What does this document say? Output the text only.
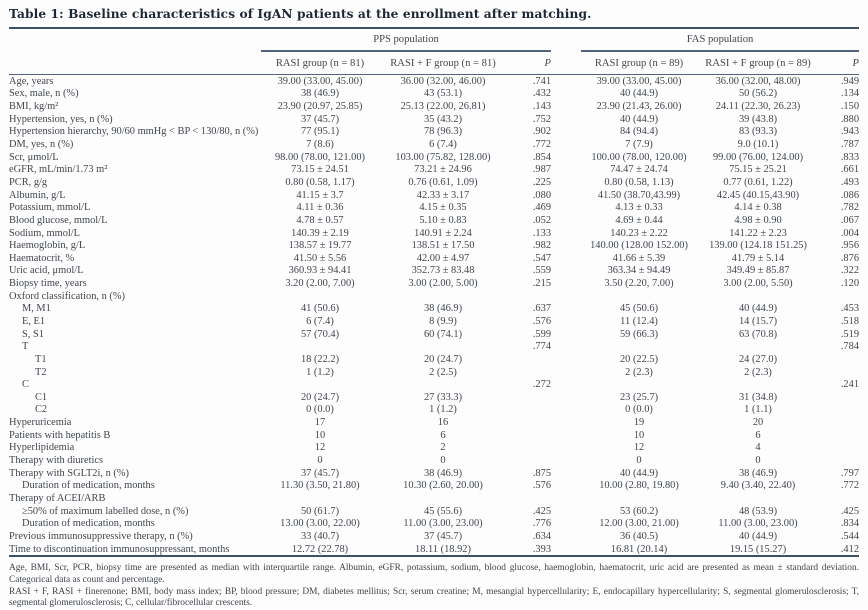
Table 1: Baseline characteristics of IgAN patients at the enrollment after matching.

	PPS population				FAS population		
	RASI group (n = 81)	RASI + F group (n = 81)	P		RASI group (n = 89)	RASI + F group (n = 89)	P
Age, years	39.00 (33.00, 45.00)	36.00 (32.00, 46.00)	.741		39.00 (33.00, 45.00)	36.00 (32.00, 48.00)	.949
Sex, male, n (%)	38 (46.9)	43 (53.1)	.432		40 (44.9)	50 (56.2)	.134
BMI, kg/m²	23.90 (20.97, 25.85)	25.13 (22.00, 26.81)	.143		23.90 (21.43, 26.00)	24.11 (22.30, 26.23)	.150
Hypertension, yes, n (%)	37 (45.7)	35 (43.2)	.752		40 (44.9)	39 (43.8)	.880
Hypertension hierarchy, 90/60 mmHg < BP < 130/80, n (%)	77 (95.1)	78 (96.3)	.902		84 (94.4)	83 (93.3)	.943
DM, yes, n (%)	7 (8.6)	6 (7.4)	.772		7 (7.9)	9.0 (10.1)	.787
Scr, μmol/L	98.00 (78.00, 121.00)	103.00 (75.82, 128.00)	.854		100.00 (78.00, 120.00)	99.00 (76.00, 124.00)	.833
eGFR, mL/min/1.73 m²	73.15 ± 24.51	73.21 ± 24.96	.987		74.47 ± 24.74	75.15 ± 25.21	.661
PCR, g/g	0.80 (0.58, 1.17)	0.76 (0.61, 1.09)	.225		0.80 (0.58, 1.13)	0.77 (0.61, 1.22)	.493
Albumin, g/L	41.15 ± 3.7	42.33 ± 3.17	.080		41.50 (38.70,43.99)	42.45 (40.15,43.90)	.086
Potassium, mmol/L	4.11 ± 0.36	4.15 ± 0.35	.469		4.13 ± 0.33	4.14 ± 0.38	.782
Blood glucose, mmol/L	4.78 ± 0.57	5.10 ± 0.83	.052		4.69 ± 0.44	4.98 ± 0.90	.067
Sodium, mmol/L	140.39 ± 2.19	140.91 ± 2.24	.133		140.23 ± 2.22	141.22 ± 2.23	.004
Haemoglobin, g/L	138.57 ± 19.77	138.51 ± 17.50	.982		140.00 (128.00 152.00)	139.00 (124.18 151.25)	.956
Haematocrit, %	41.50 ± 5.56	42.00 ± 4.97	.547		41.66 ± 5.39	41.79 ± 5.14	.876
Uric acid, μmol/L	360.93 ± 94.41	352.73 ± 83.48	.559		363.34 ± 94.49	349.49 ± 85.87	.322
Biopsy time, years	3.20 (2.00, 7.00)	3.00 (2.00, 5.00)	.215		3.50 (2.20, 7.00)	3.00 (2.00, 5.50)	.120
Oxford classification, n (%)							
M, M1	41 (50.6)	38 (46.9)	.637		45 (50.6)	40 (44.9)	.453
E, E1	6 (7.4)	8 (9.9)	.576		11 (12.4)	14 (15.7)	.518
S, S1	57 (70.4)	60 (74.1)	.599		59 (66.3)	63 (70.8)	.519
T			.774				.784
T1	18 (22.2)	20 (24.7)			20 (22.5)	24 (27.0)	
T2	1 (1.2)	2 (2.5)			2 (2.3)	2 (2.3)	
C			.272				.241
C1	20 (24.7)	27 (33.3)			23 (25.7)	31 (34.8)	
C2	0 (0.0)	1 (1.2)			0 (0.0)	1 (1.1)	
Hyperuricemia	17	16			19	20	
Patients with hepatitis B	10	6			10	6	
Hyperlipidemia	12	2			12	4	
Therapy with diuretics	0	0			0	0	
Therapy with SGLT2i, n (%)	37 (45.7)	38 (46.9)	.875		40 (44.9)	38 (46.9)	.797
Duration of medication, months	11.30 (3.50, 21.80)	10.30 (2.60, 20.00)	.576		10.00 (2.80, 19.80)	9.40 (3.40, 22.40)	.772
Therapy of ACEI/ARB							
≥50% of maximum labelled dose, n (%)	50 (61.7)	45 (55.6)	.425		53 (60.2)	48 (53.9)	.425
Duration of medication, months	13.00 (3.00, 22.00)	11.00 (3.00, 23.00)	.776		12.00 (3.00, 21.00)	11.00 (3.00, 23.00)	.834
Previous immunosuppressive therapy, n (%)	33 (40.7)	37 (45.7)	.634		36 (40.5)	40 (44.9)	.544
Time to discontinuation immunosuppressant, months	12.72 (22.78)	18.11 (18.92)	.393		16.81 (20.14)	19.15 (15.27)	.412

Age, BMI, Scr, PCR, biopsy time are presented as median with interquartile range. Albumin, eGFR, potassium, sodium, blood glucose, haemoglobin, haematocrit, uric acid are presented as mean ± standard deviation. Categorical data as count and percentage.

RASI + F, RASI + finerenone; BMI, body mass index; BP, blood pressure; DM, diabetes mellitus; Scr, serum creatine; M, mesangial hypercellularity; E, endocapillary hypercellularity; S, segmental glomerulosclerosis; T, segmental glomerulosclerosis; C, cellular/fibrocellular crescents.
